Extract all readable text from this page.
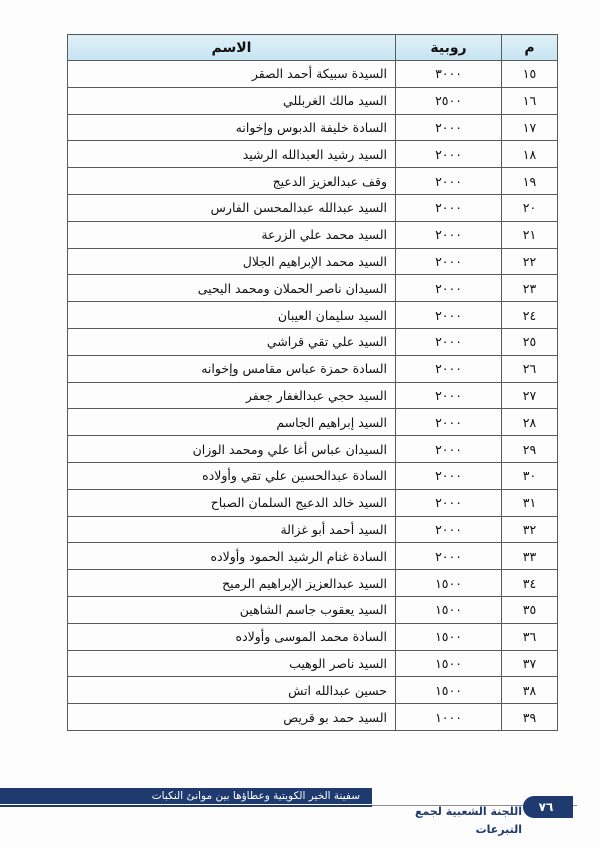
م	روبية	الاسم
١٥	٣٠٠٠	السيدة سبيكة أحمد الصقر
١٦	٢٥٠٠	السيد مالك الغربللي
١٧	٢٠٠٠	السادة خليفة الدبوس وإخوانه
١٨	٢٠٠٠	السيد رشيد العبدالله الرشيد
١٩	٢٠٠٠	وقف عبدالعزيز الدعيج
٢٠	٢٠٠٠	السيد عبدالله عبدالمحسن الفارس
٢١	٢٠٠٠	السيد محمد علي الزرعة
٢٢	٢٠٠٠	السيد محمد الإبراهيم الجلال
٢٣	٢٠٠٠	السيدان ناصر الحملان ومحمد اليحيى
٢٤	٢٠٠٠	السيد سليمان العيبان
٢٥	٢٠٠٠	السيد علي تقي قراشي
٢٦	٢٠٠٠	السادة حمزة عباس مقامس وإخوانه
٢٧	٢٠٠٠	السيد حجي عبدالغفار جعفر
٢٨	٢٠٠٠	السيد إبراهيم الجاسم
٢٩	٢٠٠٠	السيدان عباس أغا علي ومحمد الوزان
٣٠	٢٠٠٠	السادة عبدالحسين علي تقي وأولاده
٣١	٢٠٠٠	السيد خالد الدعيج السلمان الصباح
٣٢	٢٠٠٠	السيد أحمد أبو غزالة
٣٣	٢٠٠٠	السادة غنام الرشيد الحمود وأولاده
٣٤	١٥٠٠	السيد عبدالعزيز الإبراهيم الرميح
٣٥	١٥٠٠	السيد يعقوب جاسم الشاهين
٣٦	١٥٠٠	السادة محمد الموسى وأولاده
٣٧	١٥٠٠	السيد ناصر الوهيب
٣٨	١٥٠٠	حسين عبدالله اتش
٣٩	١٠٠٠	السيد حمد بو قريص
سفينة الخير الكويتية وعطاؤها بين موانئ النكبات
اللجنة الشعبية لجمع التبرعات
٧٦
